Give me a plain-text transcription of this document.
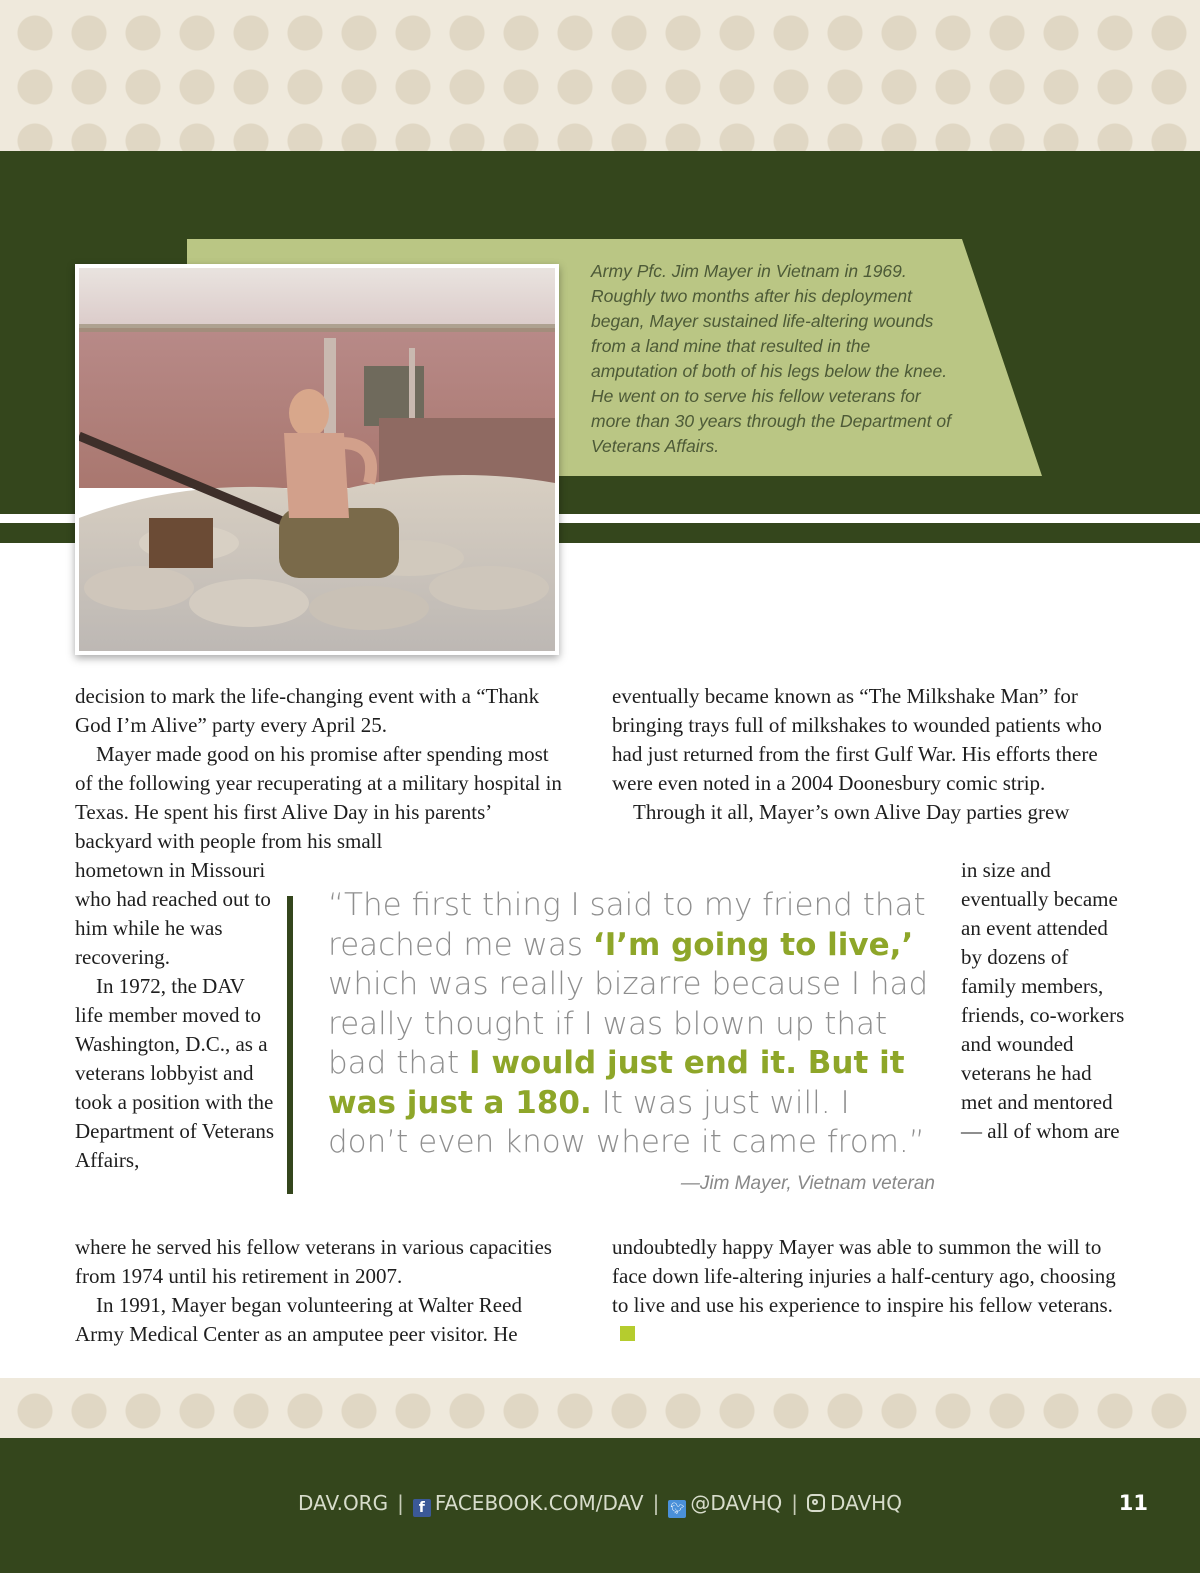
Army Pfc. Jim Mayer in Vietnam in 1969. Roughly two months after his deployment began, Mayer sustained life-altering wounds from a land mine that resulted in the amputation of both of his legs below the knee. He went on to serve his fellow veterans for more than 30 years through the Department of Veterans Affairs.

decision to mark the life-changing event with a “Thank God I’m Alive” party every April 25.

Mayer made good on his promise after spending most of the following year recuperating at a military hospital in Texas. He spent his first Alive Day in his parents’ backyard with people from his small

hometown in Missouri who had reached out to him while he was recovering.

In 1972, the DAV life member moved to Washington, D.C., as a veterans lobbyist and took a position with the Department of Veterans Affairs,

where he served his fellow veterans in various capacities from 1974 until his retirement in 2007.

In 1991, Mayer began volunteering at Walter Reed Army Medical Center as an amputee peer visitor. He

eventually became known as “The Milkshake Man” for bringing trays full of milkshakes to wounded patients who had just returned from the first Gulf War. His efforts there were even noted in a 2004 Doonesbury comic strip.

Through it all, Mayer’s own Alive Day parties grew

in size and eventually became an event attended by dozens of family members, friends, co-workers and wounded veterans he had met and mentored— all of whom are

undoubtedly happy Mayer was able to summon the will to face down life-altering injuries a half-century ago, choosing to live and use his experience to inspire his fellow veterans.

“The first thing I said to my friend that reached me was ‘I’m going to live,’ which was really bizarre because I had really thought if I was blown up that bad that I would just end it. But it was just a 180. It was just will. I don’t even know where it came from.”
—Jim Mayer, Vietnam veteran
DAV.ORG | f FACEBOOK.COM/DAV | 🐦︎ @DAVHQ | DAVHQ	11
